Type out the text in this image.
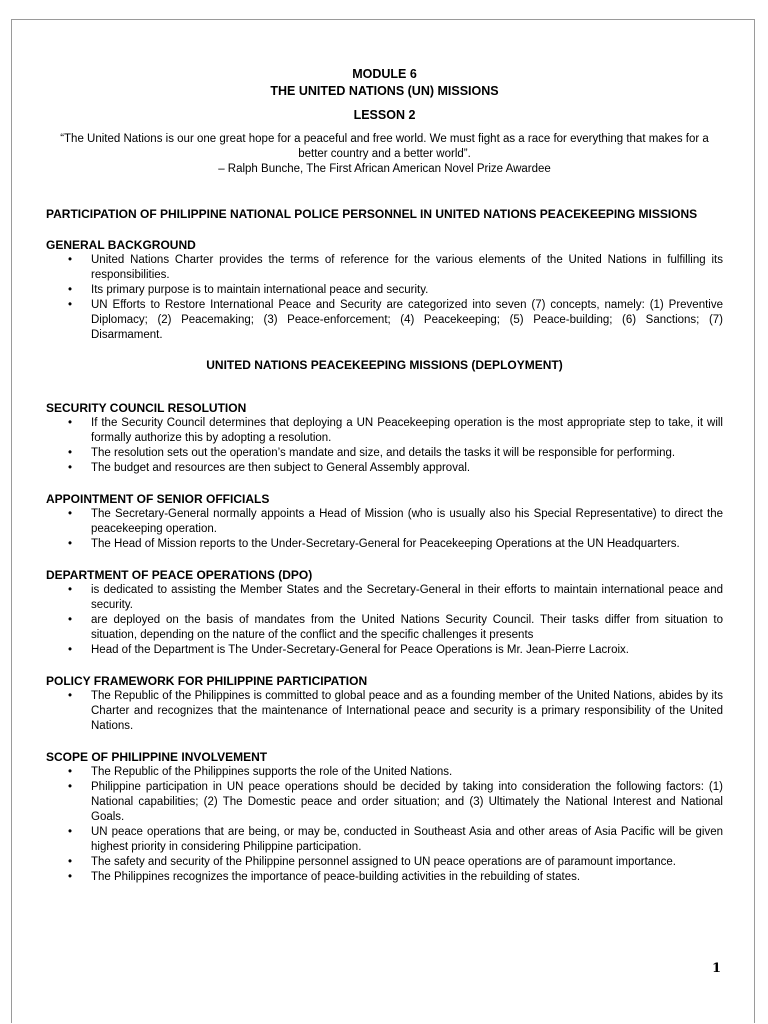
MODULE 6
THE UNITED NATIONS (UN) MISSIONS
LESSON 2
“The United Nations is our one great hope for a peaceful and free world. We must fight as a race for everything that makes for a better country and a better world”.
– Ralph Bunche, The First African American Novel Prize Awardee
PARTICIPATION OF PHILIPPINE NATIONAL POLICE PERSONNEL IN UNITED NATIONS PEACEKEEPING MISSIONS
GENERAL BACKGROUND
• United Nations Charter provides the terms of reference for the various elements of the United Nations in fulfilling its responsibilities.
• Its primary purpose is to maintain international peace and security.
• UN Efforts to Restore International Peace and Security are categorized into seven (7) concepts, namely: (1) Preventive Diplomacy; (2) Peacemaking; (3) Peace-enforcement; (4) Peacekeeping; (5) Peace-building; (6) Sanctions; (7) Disarmament.
UNITED NATIONS PEACEKEEPING MISSIONS (DEPLOYMENT)
SECURITY COUNCIL RESOLUTION
• If the Security Council determines that deploying a UN Peacekeeping operation is the most appropriate step to take, it will formally authorize this by adopting a resolution.
• The resolution sets out the operation’s mandate and size, and details the tasks it will be responsible for performing.
• The budget and resources are then subject to General Assembly approval.
APPOINTMENT OF SENIOR OFFICIALS
• The Secretary-General normally appoints a Head of Mission (who is usually also his Special Representative) to direct the peacekeeping operation.
• The Head of Mission reports to the Under-Secretary-General for Peacekeeping Operations at the UN Headquarters.
DEPARTMENT OF PEACE OPERATIONS (DPO)
• is dedicated to assisting the Member States and the Secretary-General in their efforts to maintain international peace and security.
• are deployed on the basis of mandates from the United Nations Security Council. Their tasks differ from situation to situation, depending on the nature of the conflict and the specific challenges it presents
• Head of the Department is The Under-Secretary-General for Peace Operations is Mr. Jean-Pierre Lacroix.
POLICY FRAMEWORK FOR PHILIPPINE PARTICIPATION
• The Republic of the Philippines is committed to global peace and as a founding member of the United Nations, abides by its Charter and recognizes that the maintenance of International peace and security is a primary responsibility of the United Nations.
SCOPE OF PHILIPPINE INVOLVEMENT
• The Republic of the Philippines supports the role of the United Nations.
• Philippine participation in UN peace operations should be decided by taking into consideration the following factors: (1) National capabilities; (2) The Domestic peace and order situation; and (3) Ultimately the National Interest and National Goals.
• UN peace operations that are being, or may be, conducted in Southeast Asia and other areas of Asia Pacific will be given highest priority in considering Philippine participation.
• The safety and security of the Philippine personnel assigned to UN peace operations are of paramount importance.
• The Philippines recognizes the importance of peace-building activities in the rebuilding of states.
1
